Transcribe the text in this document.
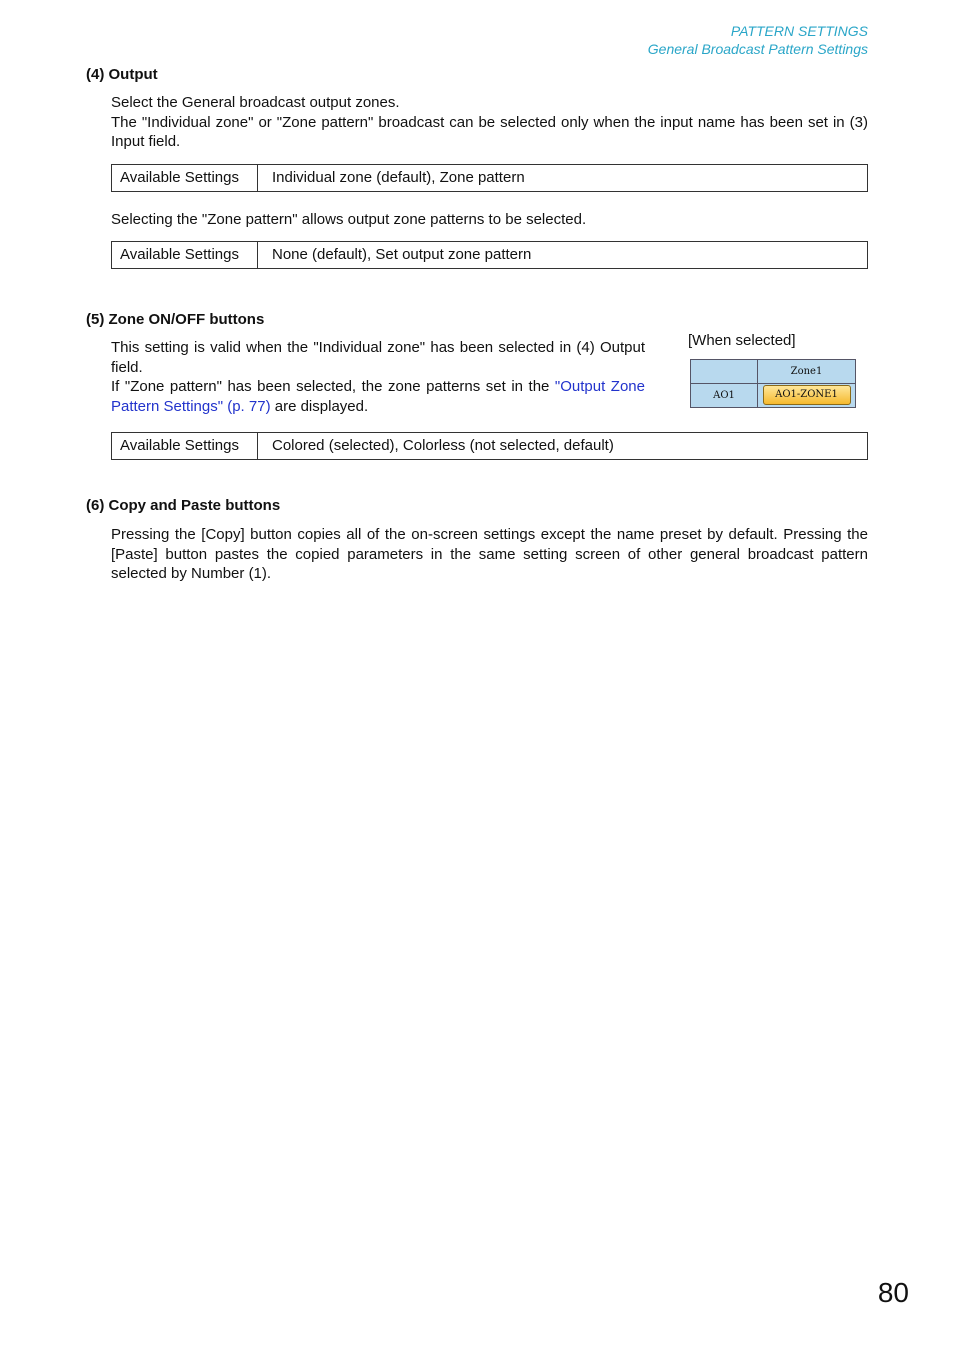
PATTERN SETTINGS
General Broadcast Pattern Settings
(4) Output
Select the General broadcast output zones.
The "Individual zone" or "Zone pattern" broadcast can be selected only when the input name has been set in (3) Input field.
Available Settings	Individual zone (default), Zone pattern
Selecting the "Zone pattern" allows output zone patterns to be selected.
Available Settings	None (default), Set output zone pattern
(5) Zone ON/OFF buttons
This setting is valid when the "Individual zone" has been selected in (4) Output field.
If "Zone pattern" has been selected, the zone patterns set in the "Output Zone Pattern Settings" (p. 77) are displayed.
[When selected]
	Zone1
AO1	AO1-ZONE1
Available Settings	Colored (selected), Colorless (not selected, default)
(6) Copy and Paste buttons
Pressing the [Copy] button copies all of the on-screen settings except the name preset by default. Pressing the [Paste] button pastes the copied parameters in the same setting screen of other general broadcast pattern selected by Number (1).
80
